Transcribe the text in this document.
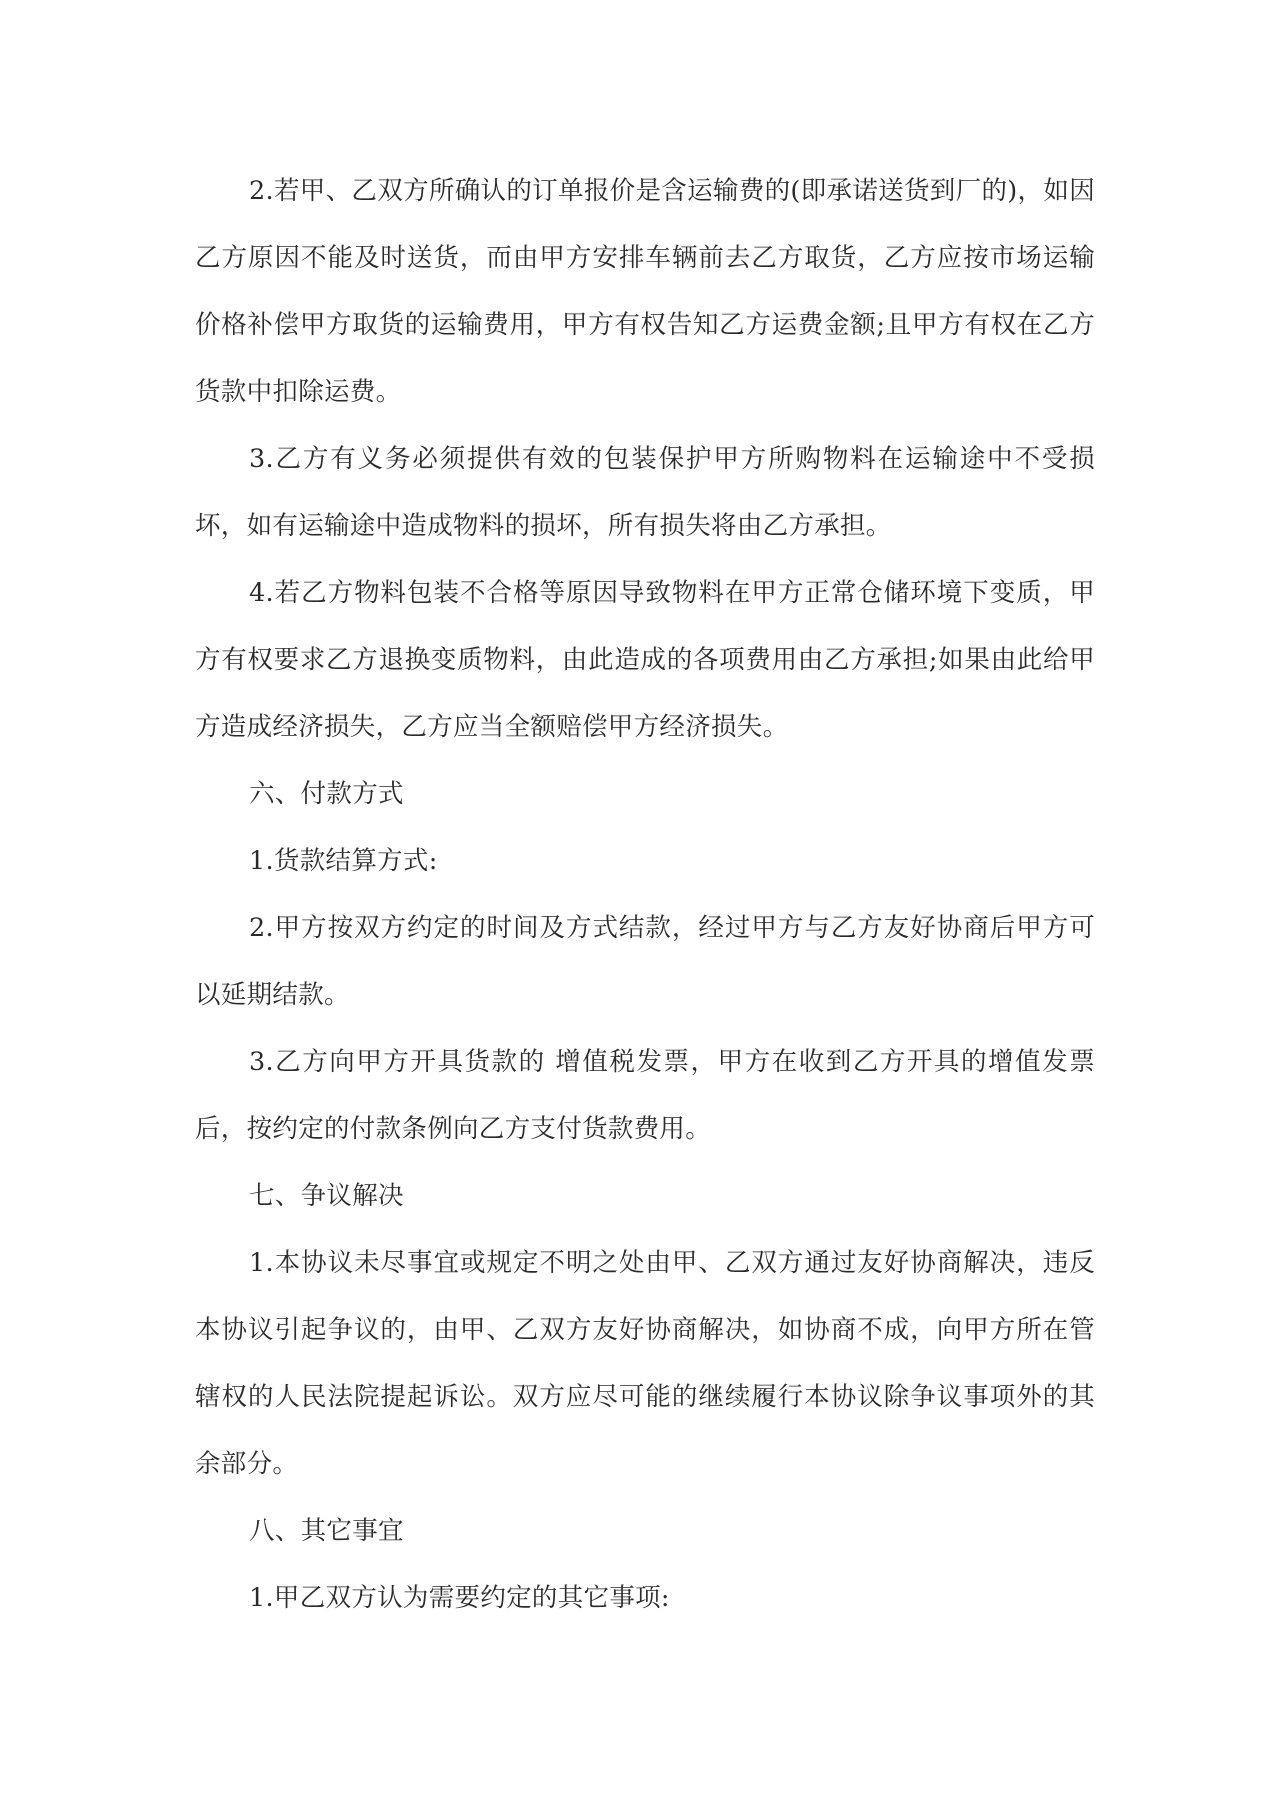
2.若甲、乙双方所确认的订单报价是含运输费的(即承诺送货到厂的)，如因乙方原因不能及时送货，而由甲方安排车辆前去乙方取货，乙方应按市场运输价格补偿甲方取货的运输费用，甲方有权告知乙方运费金额;且甲方有权在乙方货款中扣除运费。

3.乙方有义务必须提供有效的包装保护甲方所购物料在运输途中不受损坏，如有运输途中造成物料的损坏，所有损失将由乙方承担。

4.若乙方物料包装不合格等原因导致物料在甲方正常仓储环境下变质，甲方有权要求乙方退换变质物料，由此造成的各项费用由乙方承担;如果由此给甲方造成经济损失，乙方应当全额赔偿甲方经济损失。

六、付款方式

1.货款结算方式:

2.甲方按双方约定的时间及方式结款，经过甲方与乙方友好协商后甲方可以延期结款。

3.乙方向甲方开具货款的 增值税发票，甲方在收到乙方开具的增值发票后，按约定的付款条例向乙方支付货款费用。

七、争议解决

1.本协议未尽事宜或规定不明之处由甲、乙双方通过友好协商解决，违反本协议引起争议的，由甲、乙双方友好协商解决，如协商不成，向甲方所在管辖权的人民法院提起诉讼。双方应尽可能的继续履行本协议除争议事项外的其余部分。

八、其它事宜

1.甲乙双方认为需要约定的其它事项:
